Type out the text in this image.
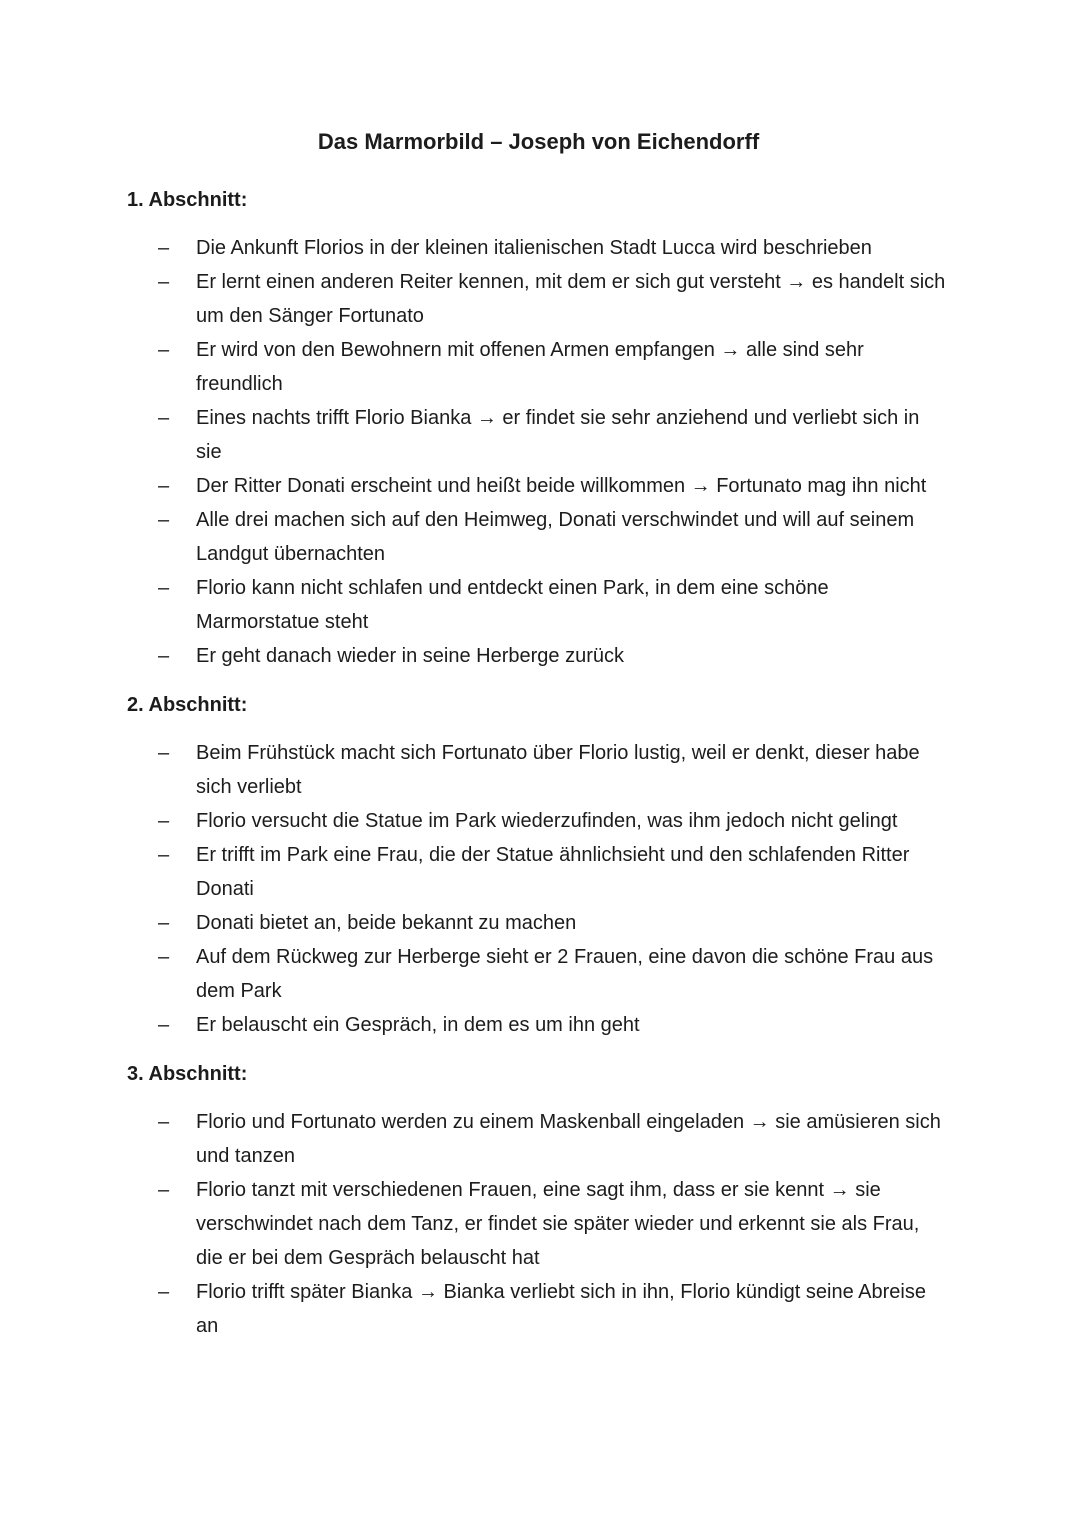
Das Marmorbild – Joseph von Eichendorff
1. Abschnitt:
–	Die Ankunft Florios in der kleinen italienischen Stadt Lucca wird beschrieben
–	Er lernt einen anderen Reiter kennen, mit dem er sich gut versteht → es handelt sich um den Sänger Fortunato
–	Er wird von den Bewohnern mit offenen Armen empfangen → alle sind sehr freundlich
–	Eines nachts trifft Florio Bianka → er findet sie sehr anziehend und verliebt sich in sie
–	Der Ritter Donati erscheint und heißt beide willkommen → Fortunato mag ihn nicht
–	Alle drei machen sich auf den Heimweg, Donati verschwindet und will auf seinem Landgut übernachten
–	Florio kann nicht schlafen und entdeckt einen Park, in dem eine schöne Marmorstatue steht
–	Er geht danach wieder in seine Herberge zurück
2. Abschnitt:
–	Beim Frühstück macht sich Fortunato über Florio lustig, weil er denkt, dieser habe sich verliebt
–	Florio versucht die Statue im Park wiederzufinden, was ihm jedoch nicht gelingt
–	Er trifft im Park eine Frau, die der Statue ähnlichsieht und den schlafenden Ritter Donati
–	Donati bietet an, beide bekannt zu machen
–	Auf dem Rückweg zur Herberge sieht er 2 Frauen, eine davon die schöne Frau aus dem Park
–	Er belauscht ein Gespräch, in dem es um ihn geht
3. Abschnitt:
–	Florio und Fortunato werden zu einem Maskenball eingeladen → sie amüsieren sich und tanzen
–	Florio tanzt mit verschiedenen Frauen, eine sagt ihm, dass er sie kennt → sie verschwindet nach dem Tanz, er findet sie später wieder und erkennt sie als Frau, die er bei dem Gespräch belauscht hat
–	Florio trifft später Bianka → Bianka verliebt sich in ihn, Florio kündigt seine Abreise an
